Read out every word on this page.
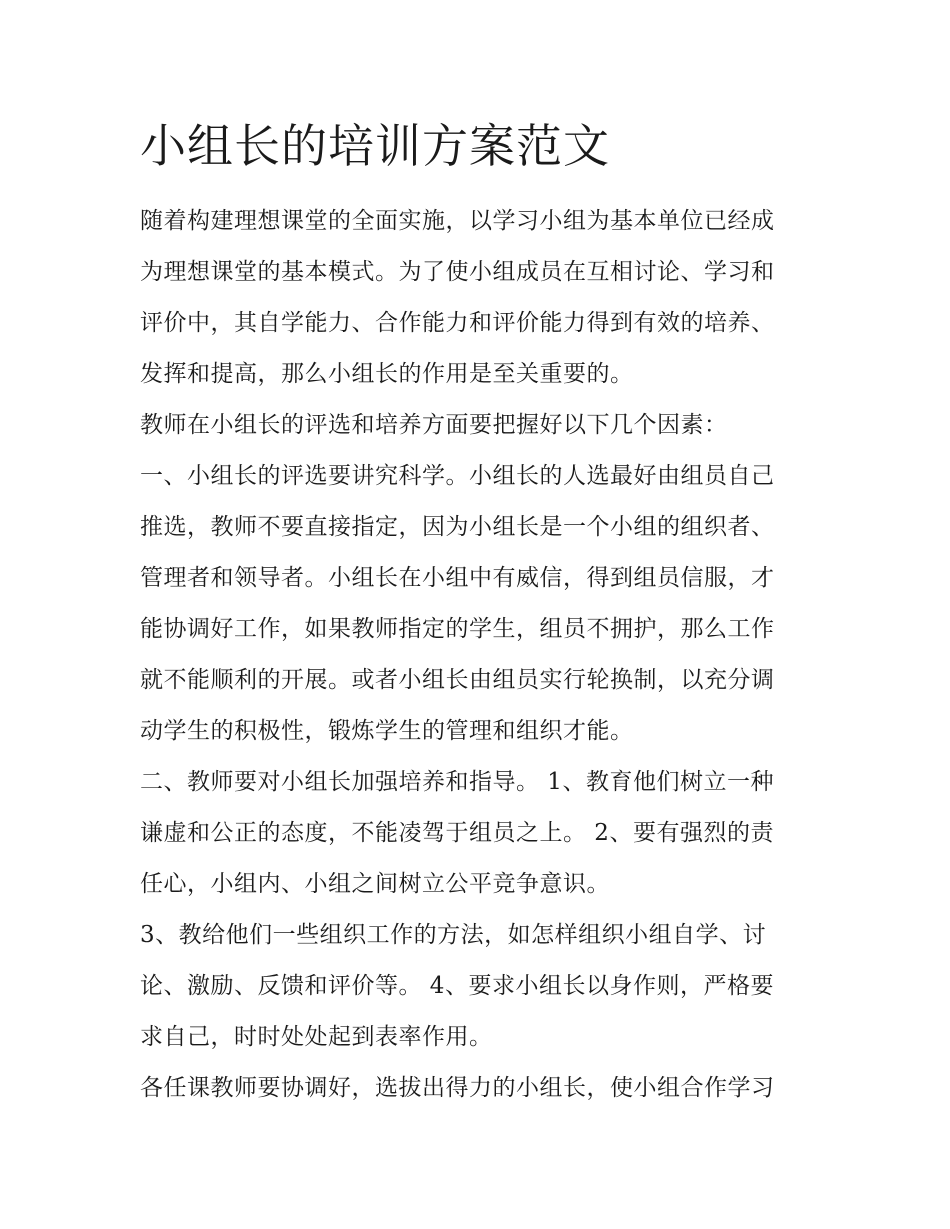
小组长的培训方案范文

随着构建理想课堂的全面实施，以学习小组为基本单位已经成
为理想课堂的基本模式。为了使小组成员在互相讨论、学习和
评价中，其自学能力、合作能力和评价能力得到有效的培养、
发挥和提高，那么小组长的作用是至关重要的。

教师在小组长的评选和培养方面要把握好以下几个因素：

一、小组长的评选要讲究科学。小组长的人选最好由组员自己
推选，教师不要直接指定，因为小组长是一个小组的组织者、
管理者和领导者。小组长在小组中有威信，得到组员信服，才
能协调好工作，如果教师指定的学生，组员不拥护，那么工作
就不能顺利的开展。或者小组长由组员实行轮换制，以充分调
动学生的积极性，锻炼学生的管理和组织才能。

二、教师要对小组长加强培养和指导。 1、教育他们树立一种
谦虚和公正的态度，不能凌驾于组员之上。 2、要有强烈的责
任心，小组内、小组之间树立公平竞争意识。

3、教给他们一些组织工作的方法，如怎样组织小组自学、讨
论、激励、反馈和评价等。 4、要求小组长以身作则，严格要
求自己，时时处处起到表率作用。

各任课教师要协调好，选拔出得力的小组长，使小组合作学习
